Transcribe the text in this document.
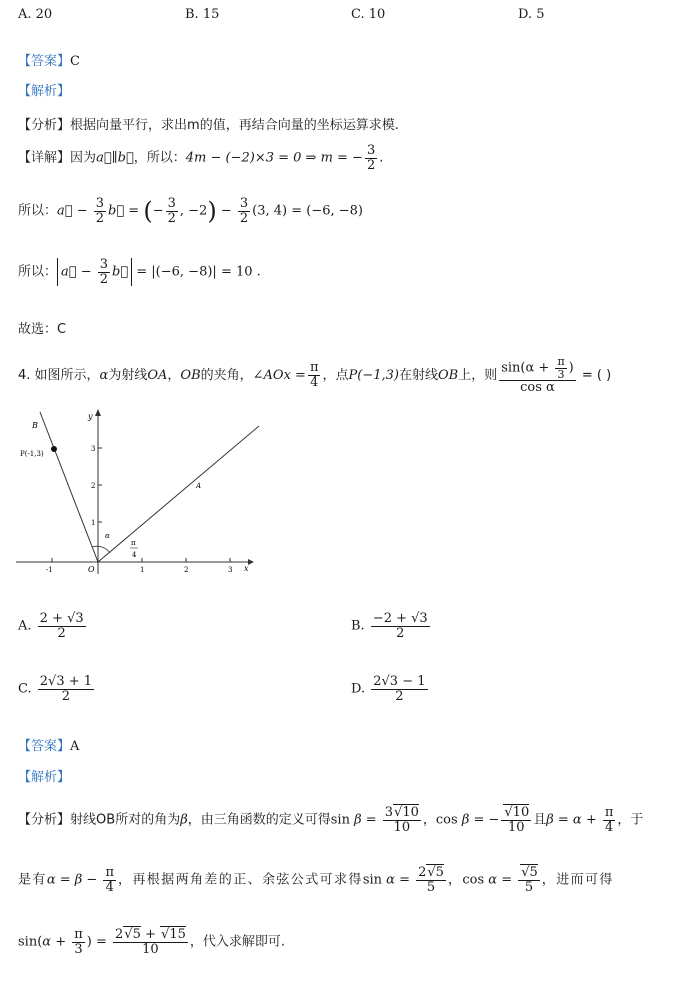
A. 20	B. 15	C. 10	D. 5
【答案】C
【解析】
【分析】根据向量平行，求出m的值，再结合向量的坐标运算求模.
【详解】因为a⃗∥b⃗，所以：4m − (−2)×3 = 0 ⇒ m = − $\frac{3}{2}$ .
所以：a⃗ − $\frac{3}{2}$ b⃗ = (− $\frac{3}{2}$ , $-2) - \frac{3}{2} (3$, 4) = (−6, −8)
所以： a⃗ − $\frac{3}{2}$ b⃗ = |(−6, −8)| = 10 .
故选：C
4. 如图所示，α为射线OA，OB的夹角，∠AOx = $\frac{\pi}{4}$ ，点P(−1,3)在射线OB上，则 $\frac{\sin(\alpha + \frac{\pi}{3} )}{\text{cos α}}$ = ( )
B
P(-1,3)
y
x
O
A
α
π
4
-1	1	2	3
1
2
3
A. $\frac{2 + √3}{2}$	B. $\frac{-2 + √3}{2}$
C. $\frac{2√3 + 1}{2}$	D. $\frac{2√3 - 1}{2}$
【答案】A
【解析】
【分析】射线OB所对的角为β，由三角函数的定义可得$\sin \beta = \frac{3√10}{10}$ ，cos β = − $\frac{√10}{10}$ 且$\beta = \alpha + \frac{\pi}{4}$ ，于
是有$\alpha = \beta - \frac{\pi}{4}$ ，再根据两角差的正、余弦公式可求得$\sin \alpha = \frac{2√5}{5}$ ，$\cos \alpha = \frac{√5}{5}$ ，进而可得
$\sin(\alpha + \frac{\pi}{3}$ ) = $\frac{2√5 + √15}{10}$ ，代入求解即可.
